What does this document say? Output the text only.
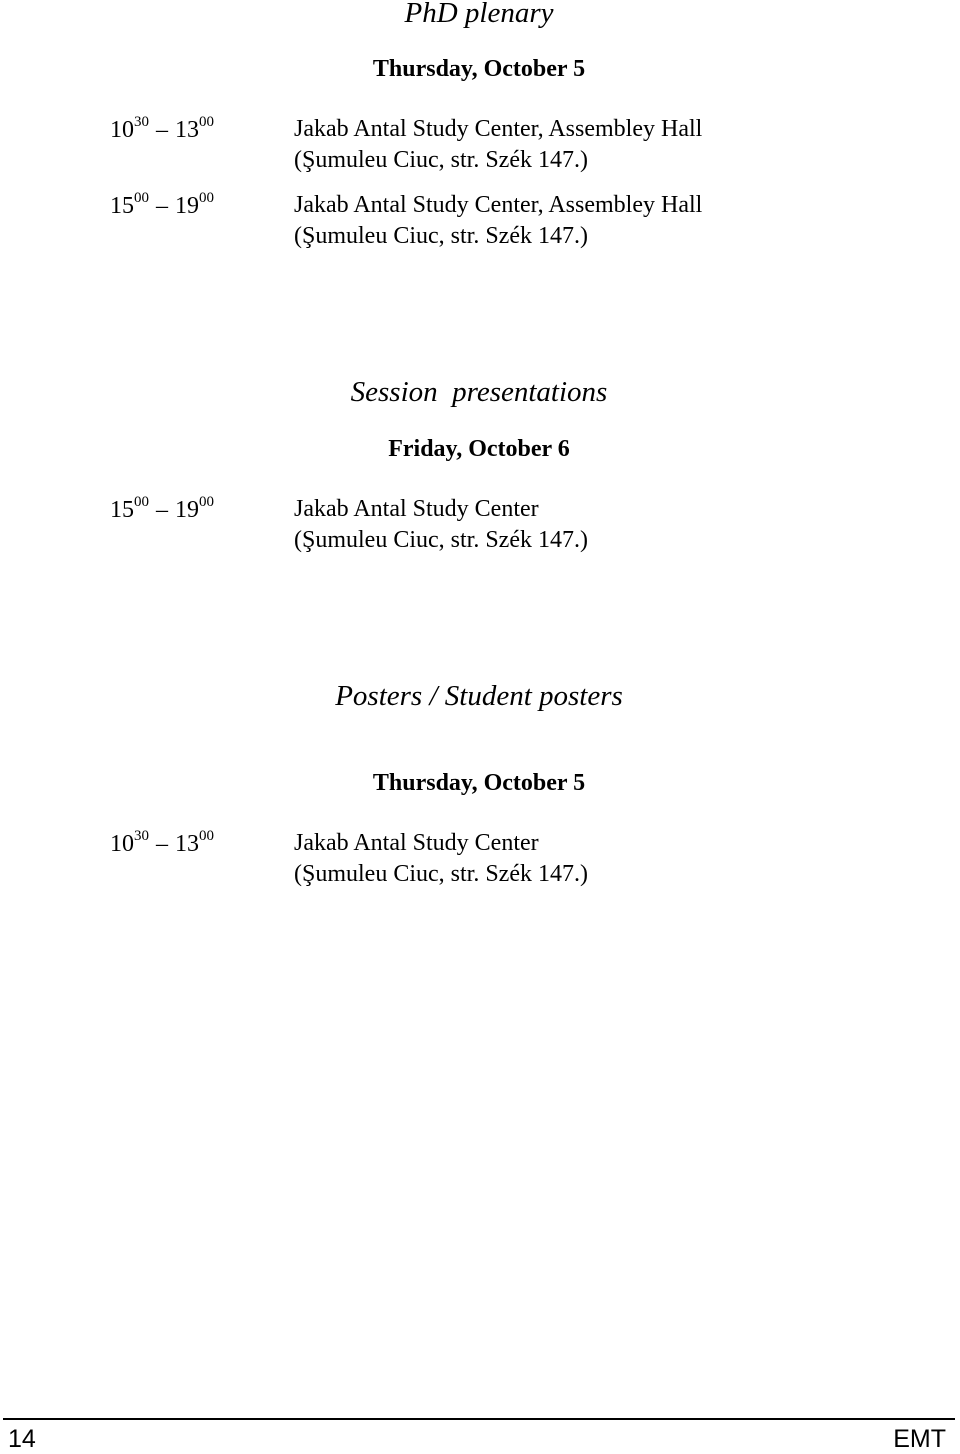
PhD plenary
Thursday, October 5
$10^{30} - 13^{00}$	Jakab Antal Study Center, Assembley Hall
(Şumuleu Ciuc, str. Szék 147.)
$15^{00} - 19^{00}$	Jakab Antal Study Center, Assembley Hall
(Şumuleu Ciuc, str. Szék 147.)
Session  presentations
Friday, October 6
$15^{00} - 19^{00}$	Jakab Antal Study Center
(Şumuleu Ciuc, str. Szék 147.)
Posters / Student posters
Thursday, October 5
$10^{30} - 13^{00}$	Jakab Antal Study Center
(Şumuleu Ciuc, str. Szék 147.)
14	EMT
